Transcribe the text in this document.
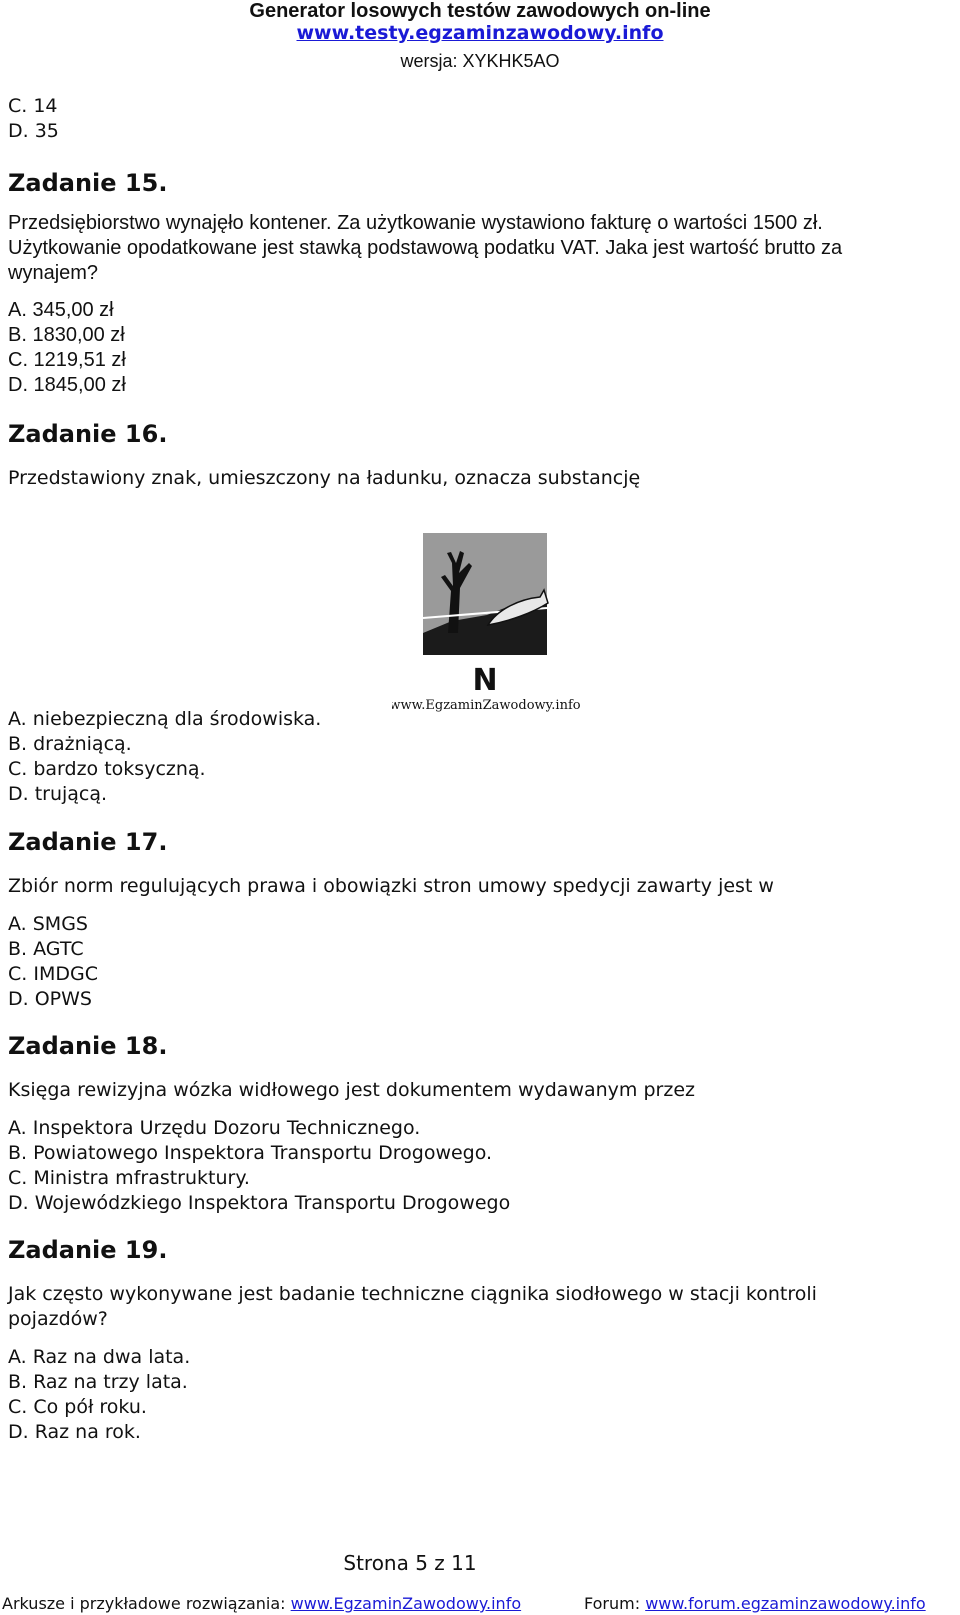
Generator losowych testów zawodowych on-line
www.testy.egzaminzawodowy.info
wersja: XYKHK5AO

C. 14

D. 35

Zadanie 15.

Przedsiębiorstwo wynajęło kontener. Za użytkowanie wystawiono fakturę o wartości 1500 zł.

Użytkowanie opodatkowane jest stawką podstawową podatku VAT. Jaka jest wartość brutto za

wynajem?

A. 345,00 zł

B. 1830,00 zł

C. 1219,51 zł

D. 1845,00 zł

Zadanie 16.

Przedstawiony znak, umieszczony na ładunku, oznacza substancję

N
www.EgzaminZawodowy.info

A. niebezpieczną dla środowiska.

B. drażniącą.

C. bardzo toksyczną.

D. trującą.

Zadanie 17.

Zbiór norm regulujących prawa i obowiązki stron umowy spedycji zawarty jest w

A. SMGS

B. AGTC

C. IMDGC

D. OPWS

Zadanie 18.

Księga rewizyjna wózka widłowego jest dokumentem wydawanym przez

A. Inspektora Urzędu Dozoru Technicznego.

B. Powiatowego Inspektora Transportu Drogowego.

C. Ministra mfrastruktury.

D. Wojewódzkiego Inspektora Transportu Drogowego

Zadanie 19.

Jak często wykonywane jest badanie techniczne ciągnika siodłowego w stacji kontroli

pojazdów?

A. Raz na dwa lata.

B. Raz na trzy lata.

C. Co pół roku.

D. Raz na rok.

Strona 5 z 11
Arkusze i przykładowe rozwiązania: www.EgzaminZawodowy.info	Forum: www.forum.egzaminzawodowy.info
